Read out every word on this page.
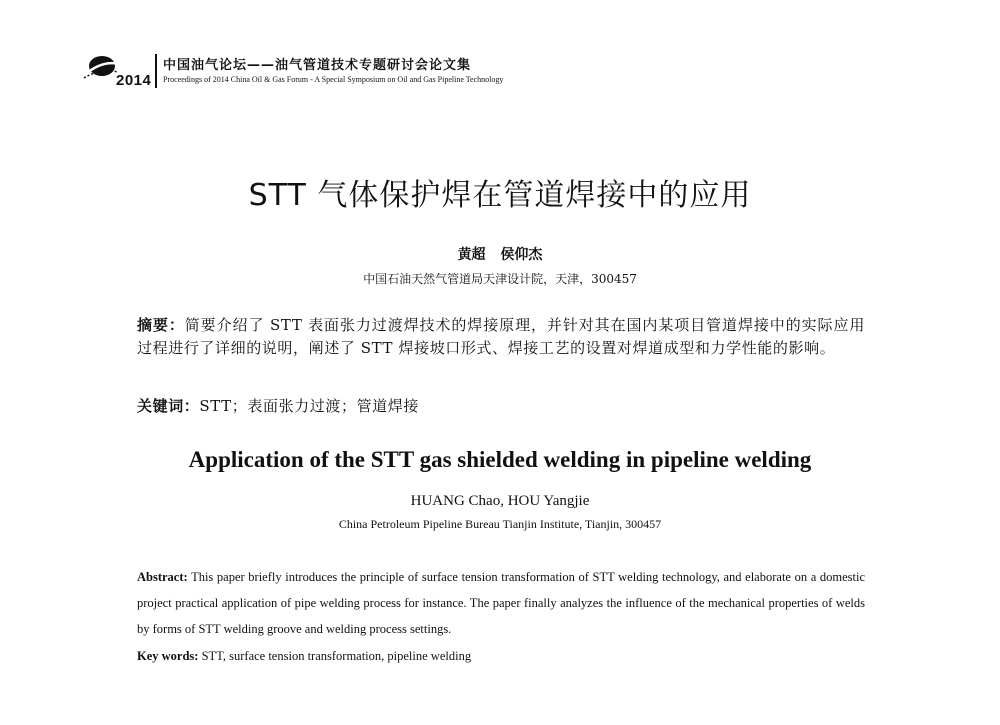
2014
中国油气论坛——油气管道技术专题研讨会论文集
Proceedings of 2014 China Oil & Gas Forum - A Special Symposium on Oil and Gas Pipeline Technology
STT 气体保护焊在管道焊接中的应用
黄超 侯仰杰
中国石油天然气管道局天津设计院，天津，300457
摘要：简要介绍了 STT 表面张力过渡焊技术的焊接原理，并针对其在国内某项目管道焊接中的实际应用过程进行了详细的说明，阐述了 STT 焊接坡口形式、焊接工艺的设置对焊道成型和力学性能的影响。
关键词：STT；表面张力过渡；管道焊接
Application of the STT gas shielded welding in pipeline welding
HUANG Chao, HOU Yangjie
China Petroleum Pipeline Bureau Tianjin Institute, Tianjin, 300457
Abstract: This paper briefly introduces the principle of surface tension transformation of STT welding technology, and elaborate on a domestic project practical application of pipe welding process for instance. The paper finally analyzes the influence of the mechanical properties of welds by forms of STT welding groove and welding process settings.
Key words: STT, surface tension transformation, pipeline welding
